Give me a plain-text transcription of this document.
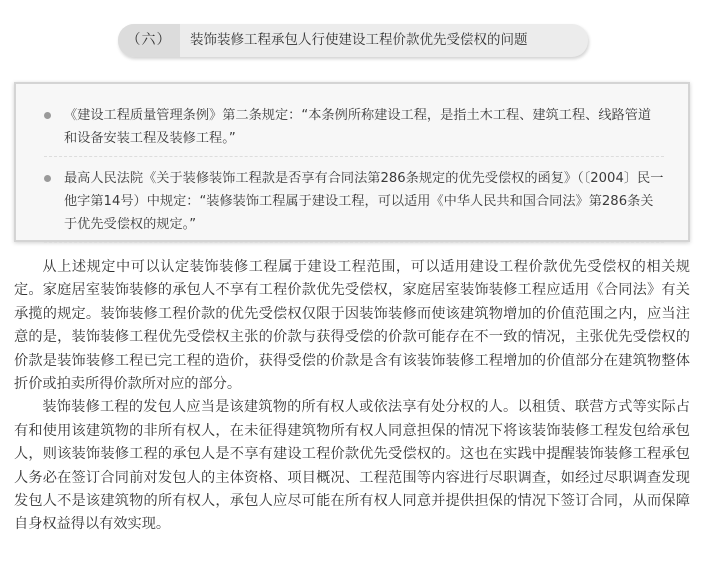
（六）	装饰装修工程承包人行使建设工程价款优先受偿权的问题
《建设工程质量管理条例》第二条规定：“本条例所称建设工程，是指土木工程、建筑工程、线路管道和设备安装工程及装修工程。”
最高人民法院《关于装修装饰工程款是否享有合同法第286条规定的优先受偿权的函复》（〔2004〕民一他字第14号）中规定：“装修装饰工程属于建设工程，可以适用《中华人民共和国合同法》第286条关于优先受偿权的规定。”

从上述规定中可以认定装饰装修工程属于建设工程范围，可以适用建设工程价款优先受偿权的相关规定。家庭居室装饰装修的承包人不享有工程价款优先受偿权，家庭居室装饰装修工程应适用《合同法》有关承揽的规定。装饰装修工程价款的优先受偿权仅限于因装饰装修而使该建筑物增加的价值范围之内，应当注意的是，装饰装修工程优先受偿权主张的价款与获得受偿的价款可能存在不一致的情况，主张优先受偿权的价款是装饰装修工程已完工程的造价，获得受偿的价款是含有该装饰装修工程增加的价值部分在建筑物整体折价或拍卖所得价款所对应的部分。

装饰装修工程的发包人应当是该建筑物的所有权人或依法享有处分权的人。以租赁、联营方式等实际占有和使用该建筑物的非所有权人，在未征得建筑物所有权人同意担保的情况下将该装饰装修工程发包给承包人，则该装饰装修工程的承包人是不享有建设工程价款优先受偿权的。这也在实践中提醒装饰装修工程承包人务必在签订合同前对发包人的主体资格、项目概况、工程范围等内容进行尽职调查，如经过尽职调查发现发包人不是该建筑物的所有权人，承包人应尽可能在所有权人同意并提供担保的情况下签订合同，从而保障自身权益得以有效实现。
